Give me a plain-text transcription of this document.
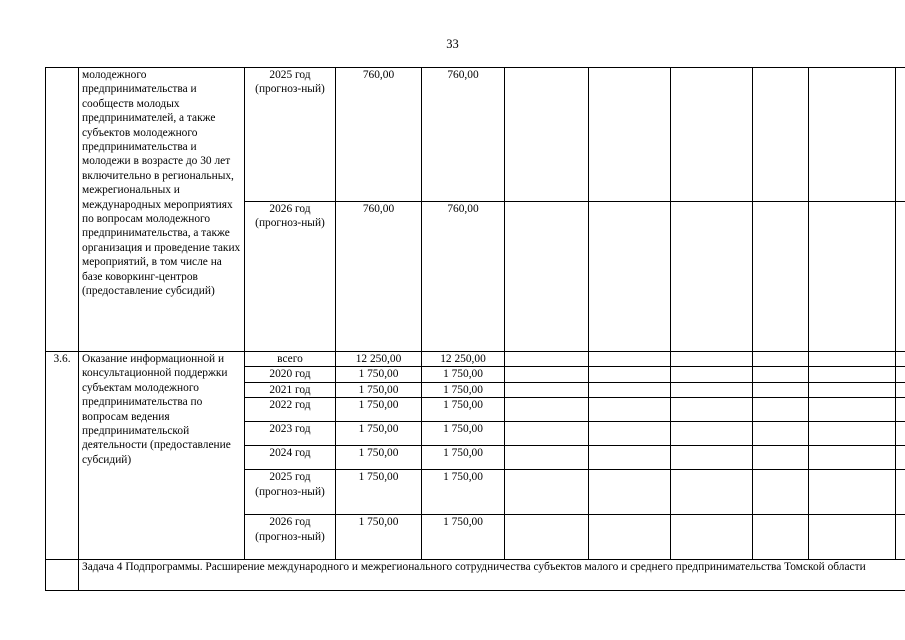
33
	молодежного предпринимательства и сообществ молодых предпринимателей, а также субъектов молодежного предпринимательства и молодежи в возрасте до 30 лет включительно в региональных, межрегиональных и международных мероприятиях по вопросам молодежного предпринимательства, а также организация и проведение таких мероприятий, в том числе на базе коворкинг-центров (предоставление субсидий)	2025 год (прогноз-ный)	760,00	760,00						
		2026 год (прогноз-ный)	760,00	760,00						
3.6.	Оказание информационной и консультационной поддержки субъектам молодежного предпринимательства по вопросам ведения предпринимательской деятельности (предоставление субсидий)	всего	12 250,00	12 250,00						
		2020 год	1 750,00	1 750,00						
		2021 год	1 750,00	1 750,00						
		2022 год	1 750,00	1 750,00						
		2023 год	1 750,00	1 750,00						
		2024 год	1 750,00	1 750,00						
		2025 год (прогноз-ный)	1 750,00	1 750,00						
		2026 год (прогноз-ный)	1 750,00	1 750,00						
	Задача 4 Подпрограммы. Расширение международного и межрегионального сотрудничества субъектов малого и среднего предпринимательства Томской области									
